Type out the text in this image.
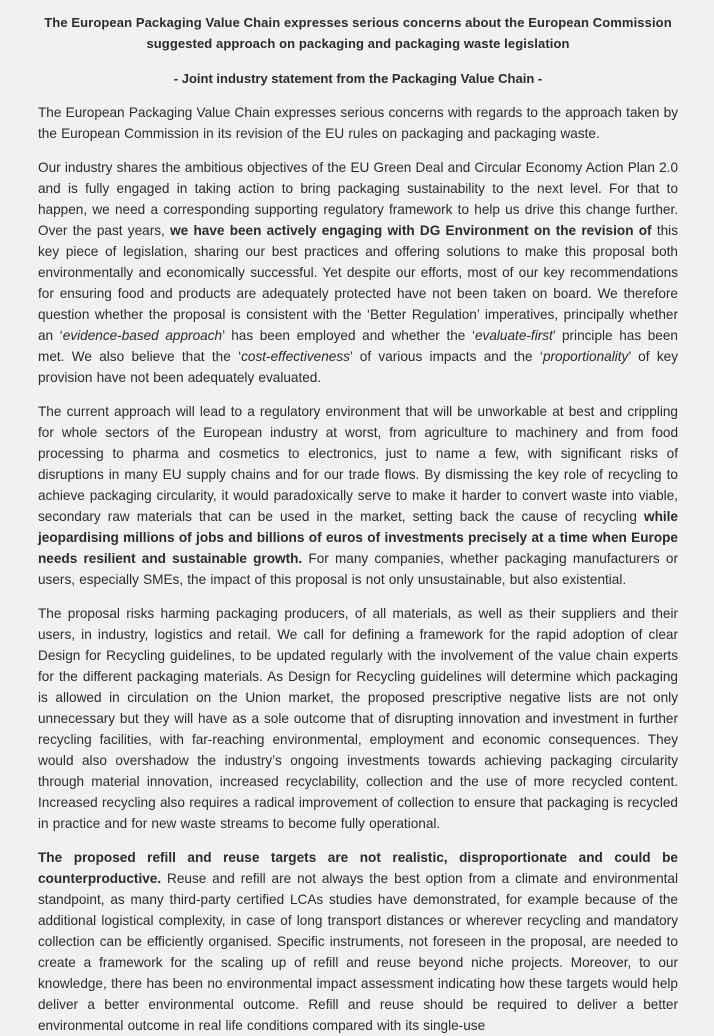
The European Packaging Value Chain expresses serious concerns about the European Commission suggested approach on packaging and packaging waste legislation
- Joint industry statement from the Packaging Value Chain -

The European Packaging Value Chain expresses serious concerns with regards to the approach taken by the European Commission in its revision of the EU rules on packaging and packaging waste.

Our industry shares the ambitious objectives of the EU Green Deal and Circular Economy Action Plan 2.0 and is fully engaged in taking action to bring packaging sustainability to the next level. For that to happen, we need a corresponding supporting regulatory framework to help us drive this change further. Over the past years, we have been actively engaging with DG Environment on the revision of this key piece of legislation, sharing our best practices and offering solutions to make this proposal both environmentally and economically successful. Yet despite our efforts, most of our key recommendations for ensuring food and products are adequately protected have not been taken on board. We therefore question whether the proposal is consistent with the ‘Better Regulation’ imperatives, principally whether an ‘evidence-based approach’ has been employed and whether the ‘evaluate-first’ principle has been met. We also believe that the ‘cost-effectiveness’ of various impacts and the ‘proportionality’ of key provision have not been adequately evaluated.

The current approach will lead to a regulatory environment that will be unworkable at best and crippling for whole sectors of the European industry at worst, from agriculture to machinery and from food processing to pharma and cosmetics to electronics, just to name a few, with significant risks of disruptions in many EU supply chains and for our trade flows. By dismissing the key role of recycling to achieve packaging circularity, it would paradoxically serve to make it harder to convert waste into viable, secondary raw materials that can be used in the market, setting back the cause of recycling while jeopardising millions of jobs and billions of euros of investments precisely at a time when Europe needs resilient and sustainable growth. For many companies, whether packaging manufacturers or users, especially SMEs, the impact of this proposal is not only unsustainable, but also existential.

The proposal risks harming packaging producers, of all materials, as well as their suppliers and their users, in industry, logistics and retail. We call for defining a framework for the rapid adoption of clear Design for Recycling guidelines, to be updated regularly with the involvement of the value chain experts for the different packaging materials. As Design for Recycling guidelines will determine which packaging is allowed in circulation on the Union market, the proposed prescriptive negative lists are not only unnecessary but they will have as a sole outcome that of disrupting innovation and investment in further recycling facilities, with far-reaching environmental, employment and economic consequences. They would also overshadow the industry’s ongoing investments towards achieving packaging circularity through material innovation, increased recyclability, collection and the use of more recycled content. Increased recycling also requires a radical improvement of collection to ensure that packaging is recycled in practice and for new waste streams to become fully operational.

The proposed refill and reuse targets are not realistic, disproportionate and could be counterproductive. Reuse and refill are not always the best option from a climate and environmental standpoint, as many third-party certified LCAs studies have demonstrated, for example because of the additional logistical complexity, in case of long transport distances or wherever recycling and mandatory collection can be efficiently organised. Specific instruments, not foreseen in the proposal, are needed to create a framework for the scaling up of refill and reuse beyond niche projects. Moreover, to our knowledge, there has been no environmental impact assessment indicating how these targets would help deliver a better environmental outcome. Refill and reuse should be required to deliver a better environmental outcome in real life conditions compared with its single-use
